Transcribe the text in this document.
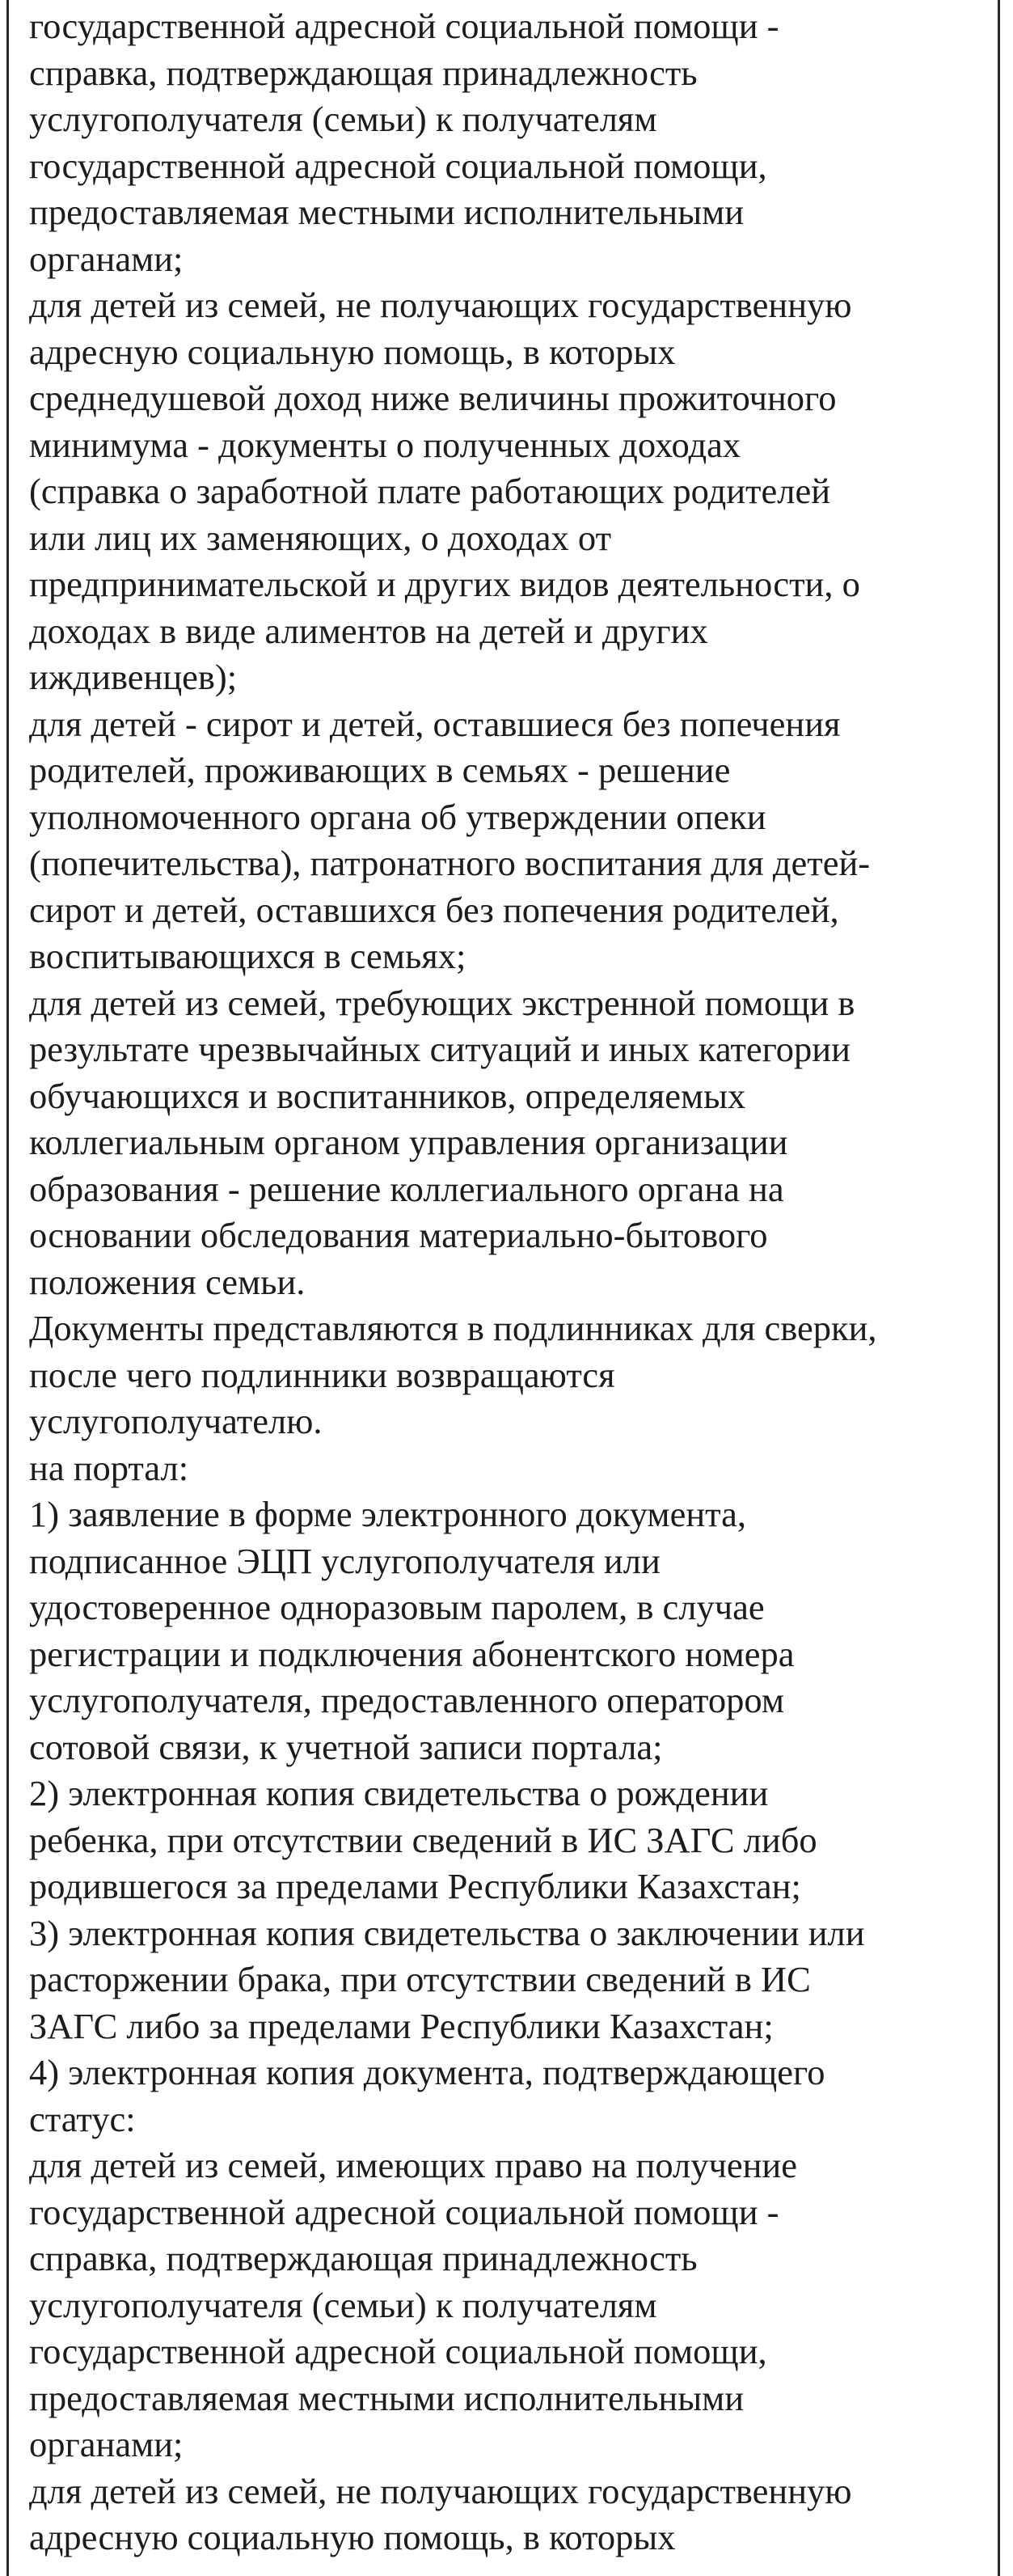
государственной адресной социальной помощи -
справка, подтверждающая принадлежность
услугополучателя (семьи) к получателям
государственной адресной социальной помощи,
предоставляемая местными исполнительными
органами;
для детей из семей, не получающих государственную
адресную социальную помощь, в которых
среднедушевой доход ниже величины прожиточного
минимума - документы о полученных доходах
(справка о заработной плате работающих родителей
или лиц их заменяющих, о доходах от
предпринимательской и других видов деятельности, о
доходах в виде алиментов на детей и других
иждивенцев);
для детей - сирот и детей, оставшиеся без попечения
родителей, проживающих в семьях - решение
уполномоченного органа об утверждении опеки
(попечительства), патронатного воспитания для детей-
сирот и детей, оставшихся без попечения родителей,
воспитывающихся в семьях;
для детей из семей, требующих экстренной помощи в
результате чрезвычайных ситуаций и иных категории
обучающихся и воспитанников, определяемых
коллегиальным органом управления организации
образования - решение коллегиального органа на
основании обследования материально-бытового
положения семьи.
Документы представляются в подлинниках для сверки,
после чего подлинники возвращаются
услугополучателю.
на портал:
1) заявление в форме электронного документа,
подписанное ЭЦП услугополучателя или
удостоверенное одноразовым паролем, в случае
регистрации и подключения абонентского номера
услугополучателя, предоставленного оператором
сотовой связи, к учетной записи портала;
2) электронная копия свидетельства о рождении
ребенка, при отсутствии сведений в ИС ЗАГС либо
родившегося за пределами Республики Казахстан;
3) электронная копия свидетельства о заключении или
расторжении брака, при отсутствии сведений в ИС
ЗАГС либо за пределами Республики Казахстан;
4) электронная копия документа, подтверждающего
статус:
для детей из семей, имеющих право на получение
государственной адресной социальной помощи -
справка, подтверждающая принадлежность
услугополучателя (семьи) к получателям
государственной адресной социальной помощи,
предоставляемая местными исполнительными
органами;
для детей из семей, не получающих государственную
адресную социальную помощь, в которых
